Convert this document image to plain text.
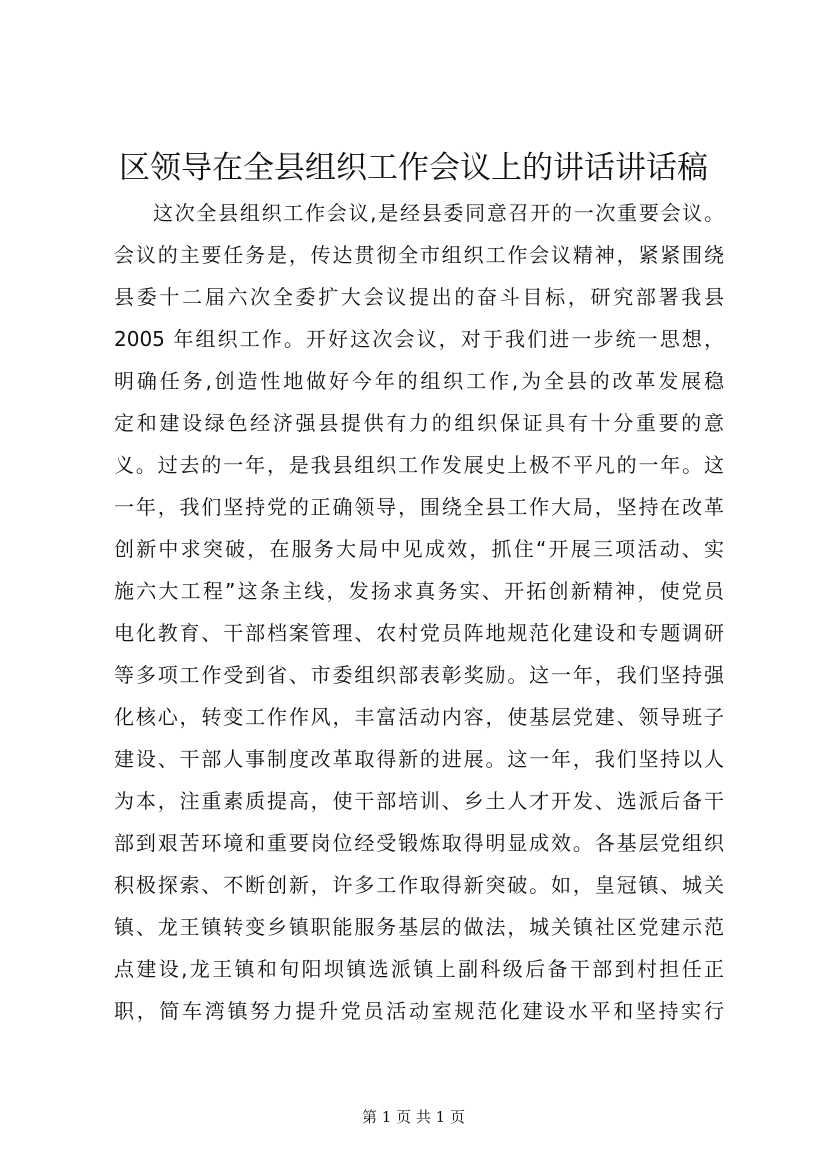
区领导在全县组织工作会议上的讲话讲话稿
这次全县组织工作会议,是经县委同意召开的一次重要会议。
会议的主要任务是，传达贯彻全市组织工作会议精神，紧紧围绕
县委十二届六次全委扩大会议提出的奋斗目标，研究部署我县
2005 年组织工作。开好这次会议，对于我们进一步统一思想，
明确任务,创造性地做好今年的组织工作,为全县的改革发展稳
定和建设绿色经济强县提供有力的组织保证具有十分重要的意
义。过去的一年，是我县组织工作发展史上极不平凡的一年。这
一年，我们坚持党的正确领导，围绕全县工作大局，坚持在改革
创新中求突破，在服务大局中见成效，抓住“开展三项活动、实
施六大工程”这条主线，发扬求真务实、开拓创新精神，使党员
电化教育、干部档案管理、农村党员阵地规范化建设和专题调研
等多项工作受到省、市委组织部表彰奖励。这一年，我们坚持强
化核心，转变工作作风，丰富活动内容，使基层党建、领导班子
建设、干部人事制度改革取得新的进展。这一年，我们坚持以人
为本，注重素质提高，使干部培训、乡土人才开发、选派后备干
部到艰苦环境和重要岗位经受锻炼取得明显成效。各基层党组织
积极探索、不断创新，许多工作取得新突破。如，皇冠镇、城关
镇、龙王镇转变乡镇职能服务基层的做法，城关镇社区党建示范
点建设,龙王镇和旬阳坝镇选派镇上副科级后备干部到村担任正
职，简车湾镇努力提升党员活动室规范化建设水平和坚持实行
第 1 页 共 1 页
